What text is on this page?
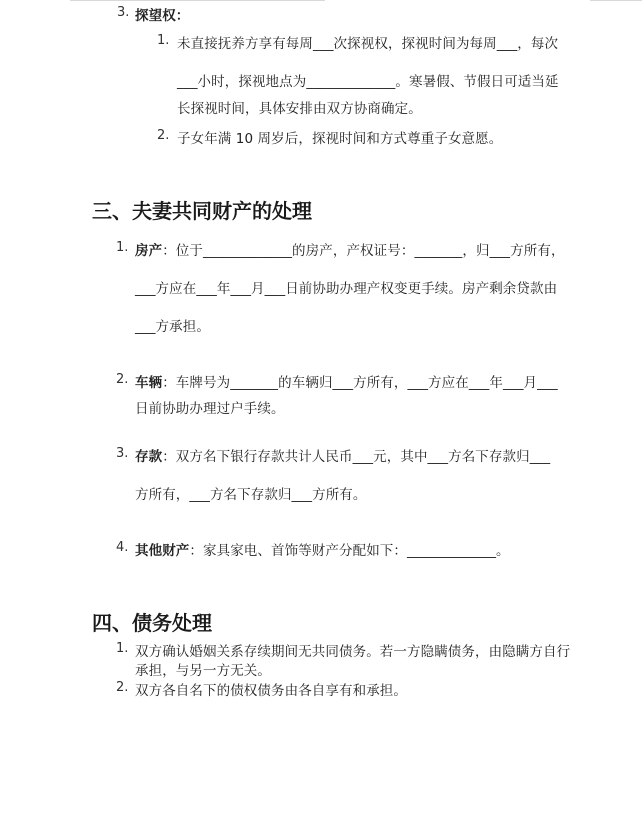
3. 探望权：
1. 未直接抚养方享有每周___次探视权，探视时间为每周___，每次
___小时，探视地点为_____________。寒暑假、节假日可适当延
长探视时间，具体安排由双方协商确定。
2. 子女年满 10 周岁后，探视时间和方式尊重子女意愿。
三、夫妻共同财产的处理
1. 房产：位于_____________的房产，产权证号：_______，归___方所有，
___方应在___年___月___日前协助办理产权变更手续。房产剩余贷款由
___方承担。
2. 车辆：车牌号为_______的车辆归___方所有，___方应在___年___月___
日前协助办理过户手续。
3. 存款：双方名下银行存款共计人民币___元，其中___方名下存款归___
方所有，___方名下存款归___方所有。
4. 其他财产：家具家电、首饰等财产分配如下：_____________。
四、债务处理
1. 双方确认婚姻关系存续期间无共同债务。若一方隐瞒债务，由隐瞒方自行
承担，与另一方无关。
2. 双方各自名下的债权债务由各自享有和承担。
